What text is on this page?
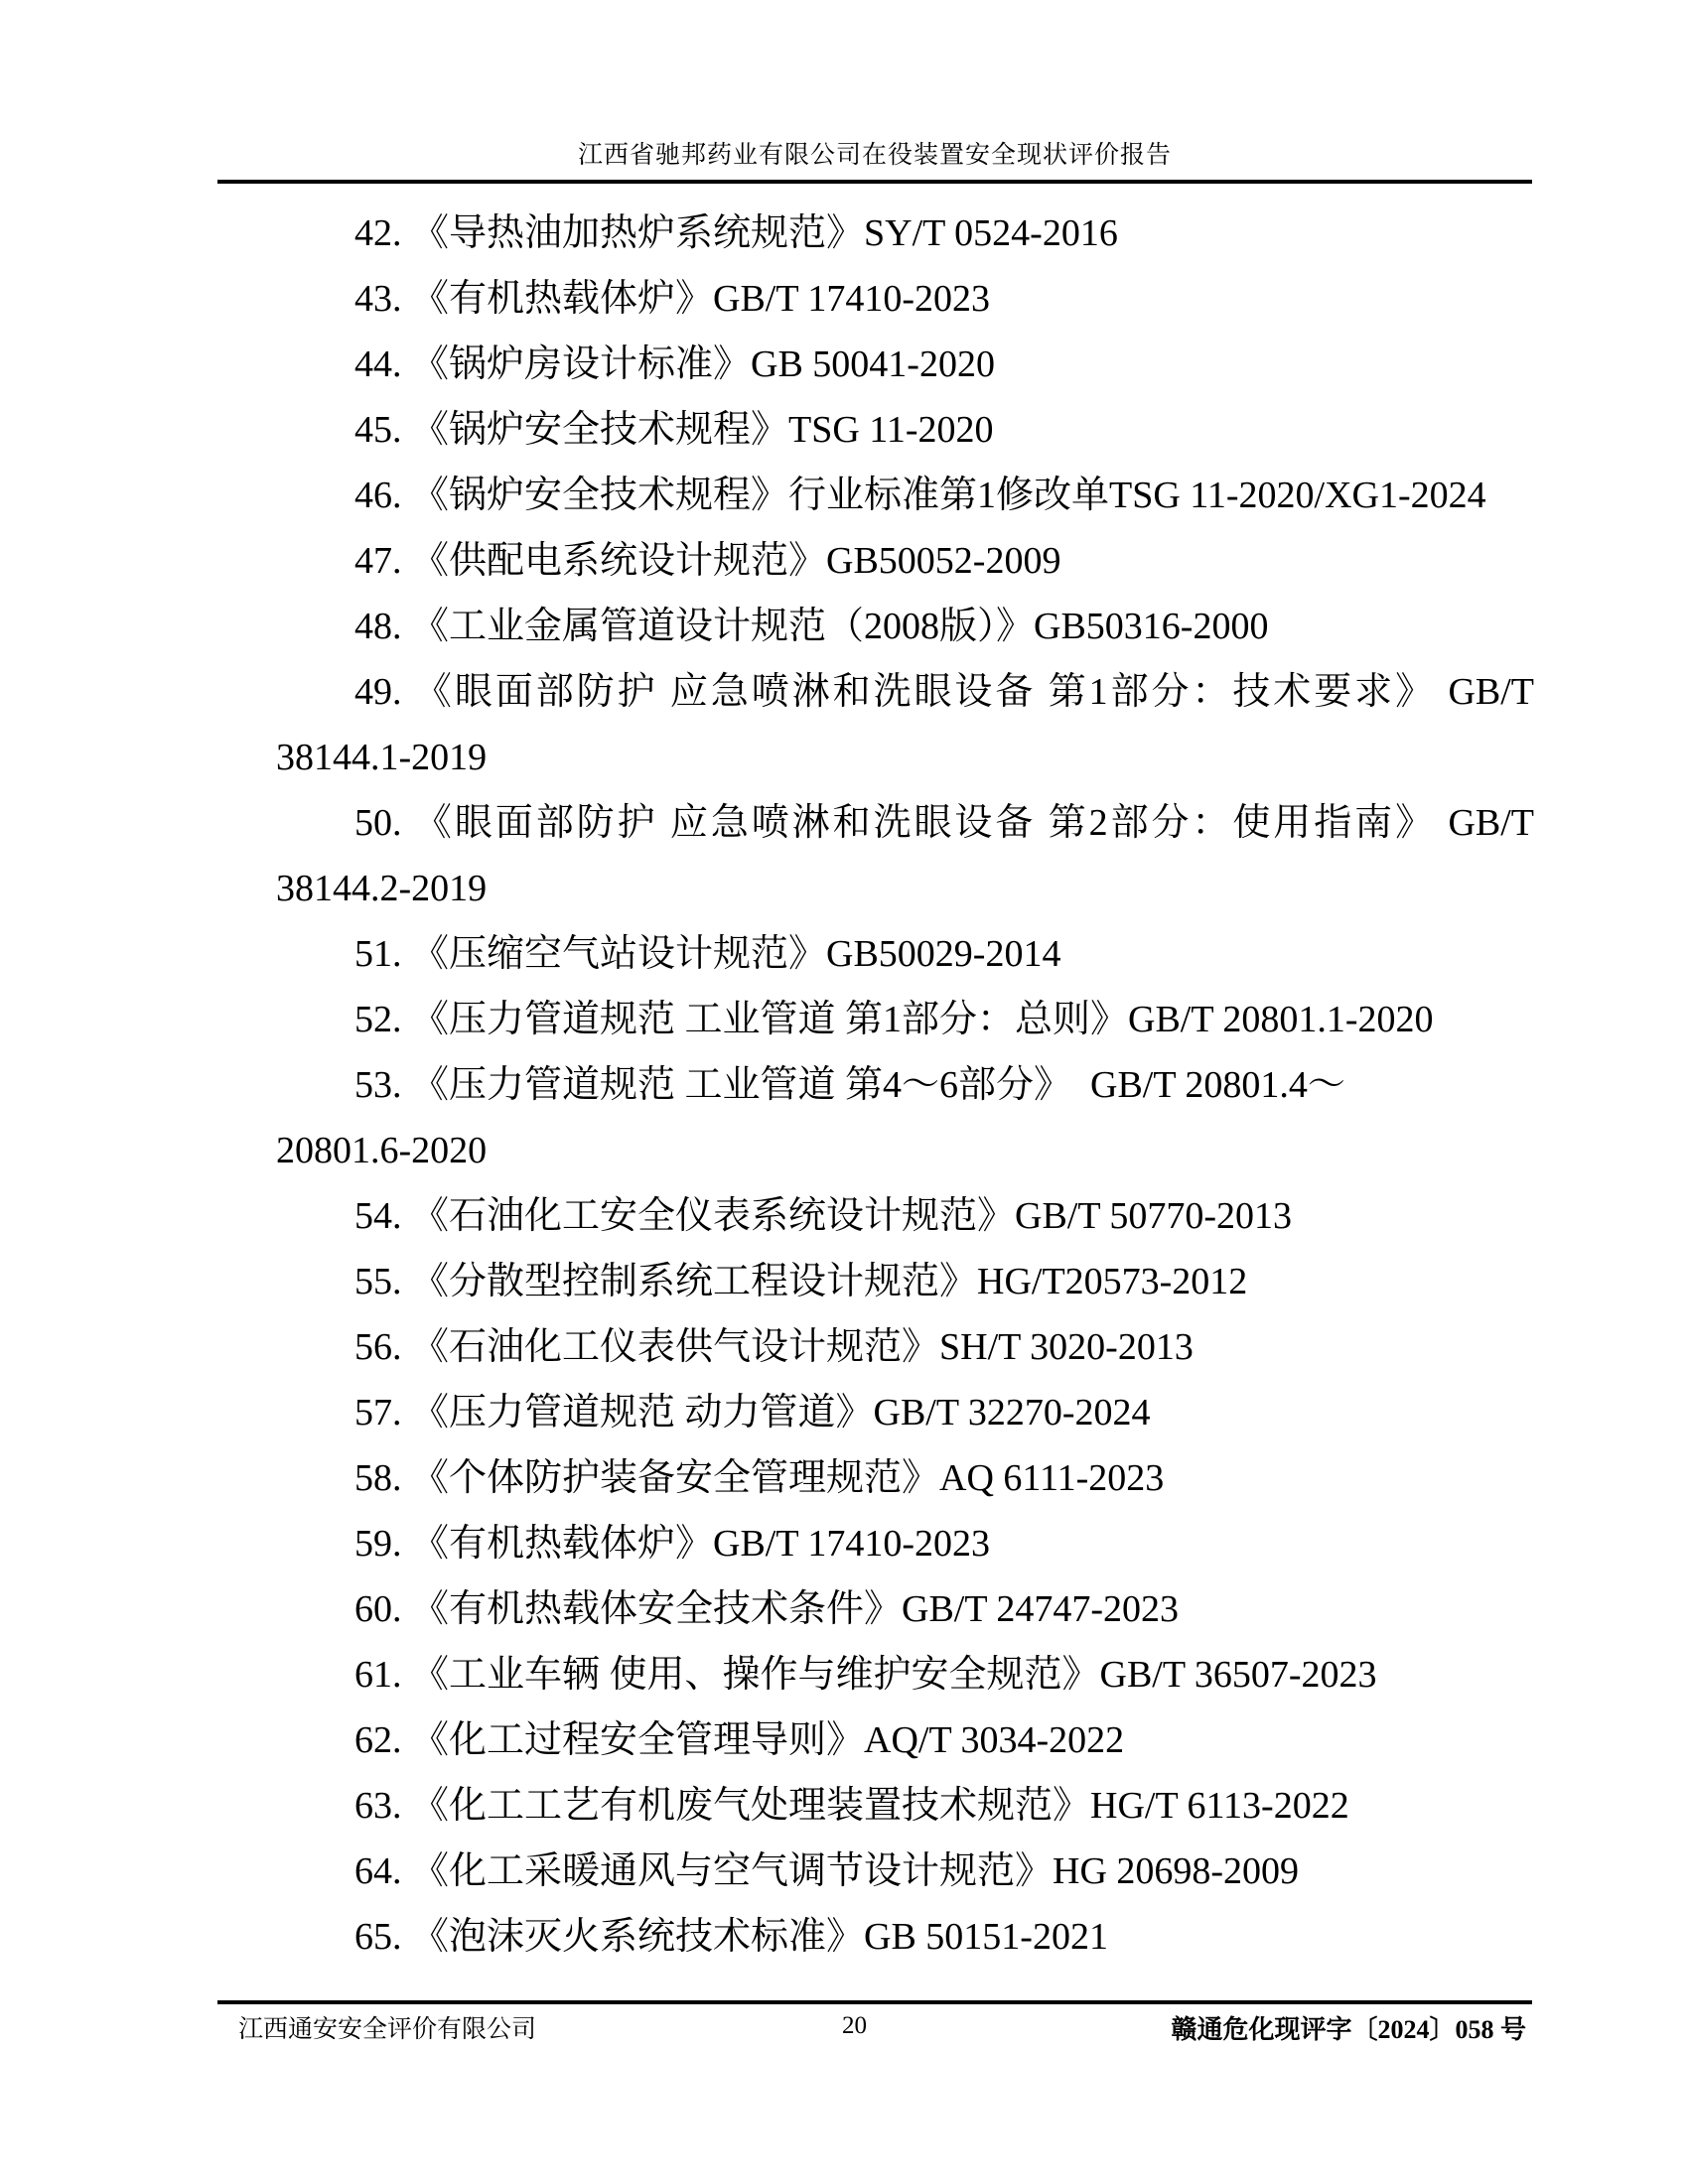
江西省驰邦药业有限公司在役装置安全现状评价报告
42. 《导热油加热炉系统规范》SY/T 0524-2016
43. 《有机热载体炉》GB/T 17410-2023
44. 《锅炉房设计标准》GB 50041-2020
45. 《锅炉安全技术规程》TSG 11-2020
46. 《锅炉安全技术规程》行业标准第1修改单TSG 11-2020/XG1-2024
47. 《供配电系统设计规范》GB50052-2009
48. 《工业金属管道设计规范（2008版）》GB50316-2000
49. 《眼面部防护 应急喷淋和洗眼设备 第1部分：技术要求》 GB/T
38144.1-2019
50. 《眼面部防护 应急喷淋和洗眼设备 第2部分：使用指南》 GB/T
38144.2-2019
51. 《压缩空气站设计规范》GB50029-2014
52. 《压力管道规范 工业管道 第1部分：总则》GB/T 20801.1-2020
53. 《压力管道规范 工业管道 第4～6部分》  GB/T 20801.4～
20801.6-2020
54. 《石油化工安全仪表系统设计规范》GB/T 50770-2013
55. 《分散型控制系统工程设计规范》HG/T20573-2012
56. 《石油化工仪表供气设计规范》SH/T 3020-2013
57. 《压力管道规范 动力管道》GB/T 32270-2024
58. 《个体防护装备安全管理规范》AQ 6111-2023
59. 《有机热载体炉》GB/T 17410-2023
60. 《有机热载体安全技术条件》GB/T 24747-2023
61. 《工业车辆 使用、操作与维护安全规范》GB/T 36507-2023
62. 《化工过程安全管理导则》AQ/T 3034-2022
63. 《化工工艺有机废气处理装置技术规范》HG/T 6113-2022
64. 《化工采暖通风与空气调节设计规范》HG 20698-2009
65. 《泡沫灭火系统技术标准》GB 50151-2021
江西通安安全评价有限公司	20	赣通危化现评字〔2024〕058 号
